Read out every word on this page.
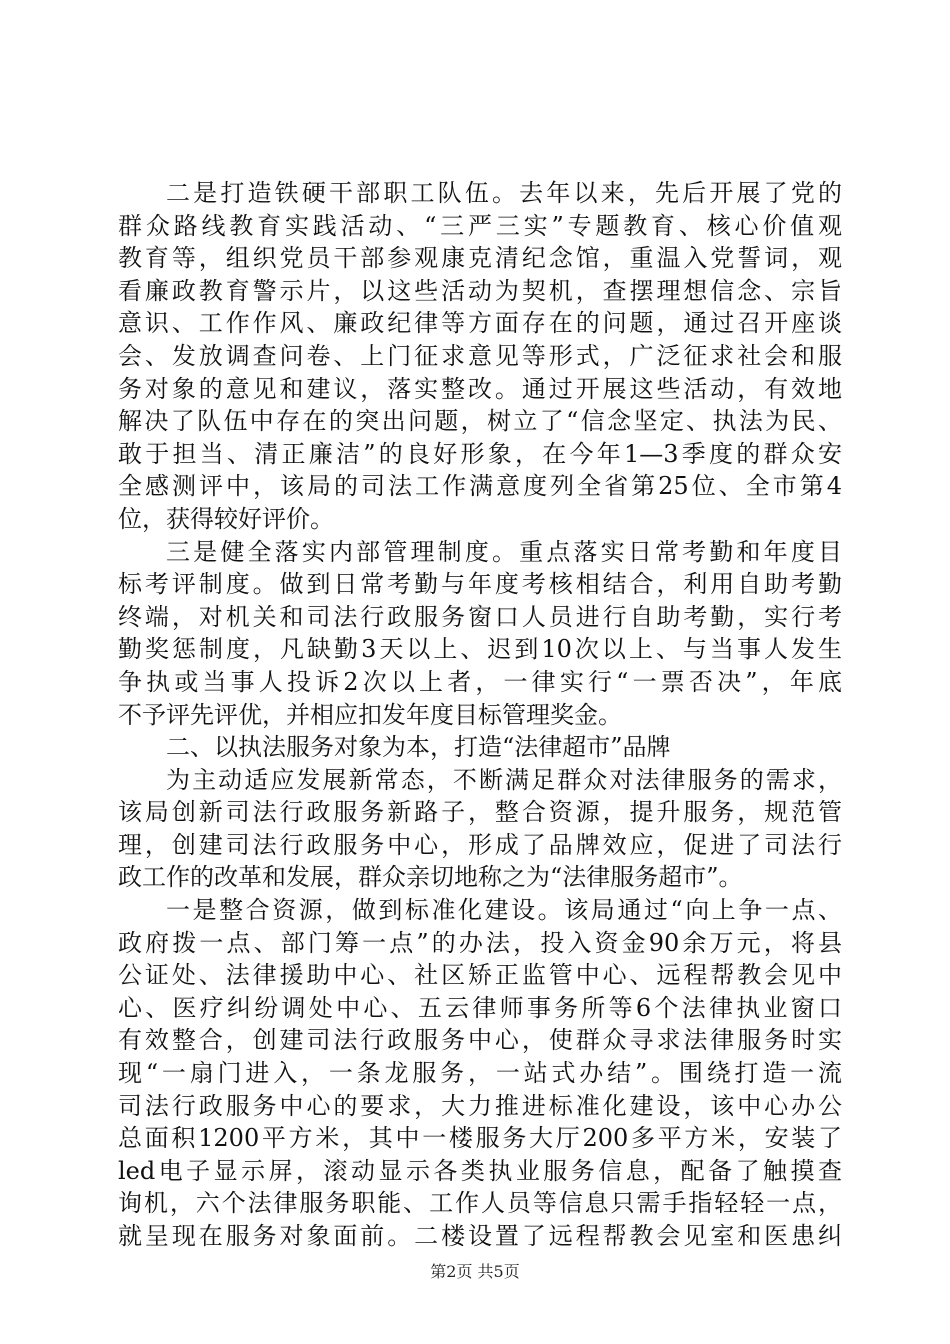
二是打造铁硬干部职工队伍。去年以来，先后开展了党的
群众路线教育实践活动、“三严三实”专题教育、核心价值观
教育等，组织党员干部参观康克清纪念馆，重温入党誓词，观
看廉政教育警示片，以这些活动为契机，查摆理想信念、宗旨
意识、工作作风、廉政纪律等方面存在的问题，通过召开座谈
会、发放调查问卷、上门征求意见等形式，广泛征求社会和服
务对象的意见和建议，落实整改。通过开展这些活动，有效地
解决了队伍中存在的突出问题，树立了“信念坚定、执法为民、
敢于担当、清正廉洁”的良好形象，在今年1—3季度的群众安
全感测评中，该局的司法工作满意度列全省第25位、全市第4
位，获得较好评价。
三是健全落实内部管理制度。重点落实日常考勤和年度目
标考评制度。做到日常考勤与年度考核相结合，利用自助考勤
终端，对机关和司法行政服务窗口人员进行自助考勤，实行考
勤奖惩制度，凡缺勤3天以上、迟到10次以上、与当事人发生
争执或当事人投诉2次以上者，一律实行“一票否决”，年底
不予评先评优，并相应扣发年度目标管理奖金。
二、以执法服务对象为本，打造“法律超市”品牌
为主动适应发展新常态，不断满足群众对法律服务的需求，
该局创新司法行政服务新路子，整合资源，提升服务，规范管
理，创建司法行政服务中心，形成了品牌效应，促进了司法行
政工作的改革和发展，群众亲切地称之为“法律服务超市”。
一是整合资源，做到标准化建设。该局通过“向上争一点、
政府拨一点、部门筹一点”的办法，投入资金90余万元，将县
公证处、法律援助中心、社区矫正监管中心、远程帮教会见中
心、医疗纠纷调处中心、五云律师事务所等6个法律执业窗口
有效整合，创建司法行政服务中心，使群众寻求法律服务时实
现“一扇门进入，一条龙服务，一站式办结”。围绕打造一流
司法行政服务中心的要求，大力推进标准化建设，该中心办公
总面积1200平方米，其中一楼服务大厅200多平方米，安装了
led电子显示屏，滚动显示各类执业服务信息，配备了触摸查
询机，六个法律服务职能、工作人员等信息只需手指轻轻一点，
就呈现在服务对象面前。二楼设置了远程帮教会见室和医患纠
第2页 共5页
